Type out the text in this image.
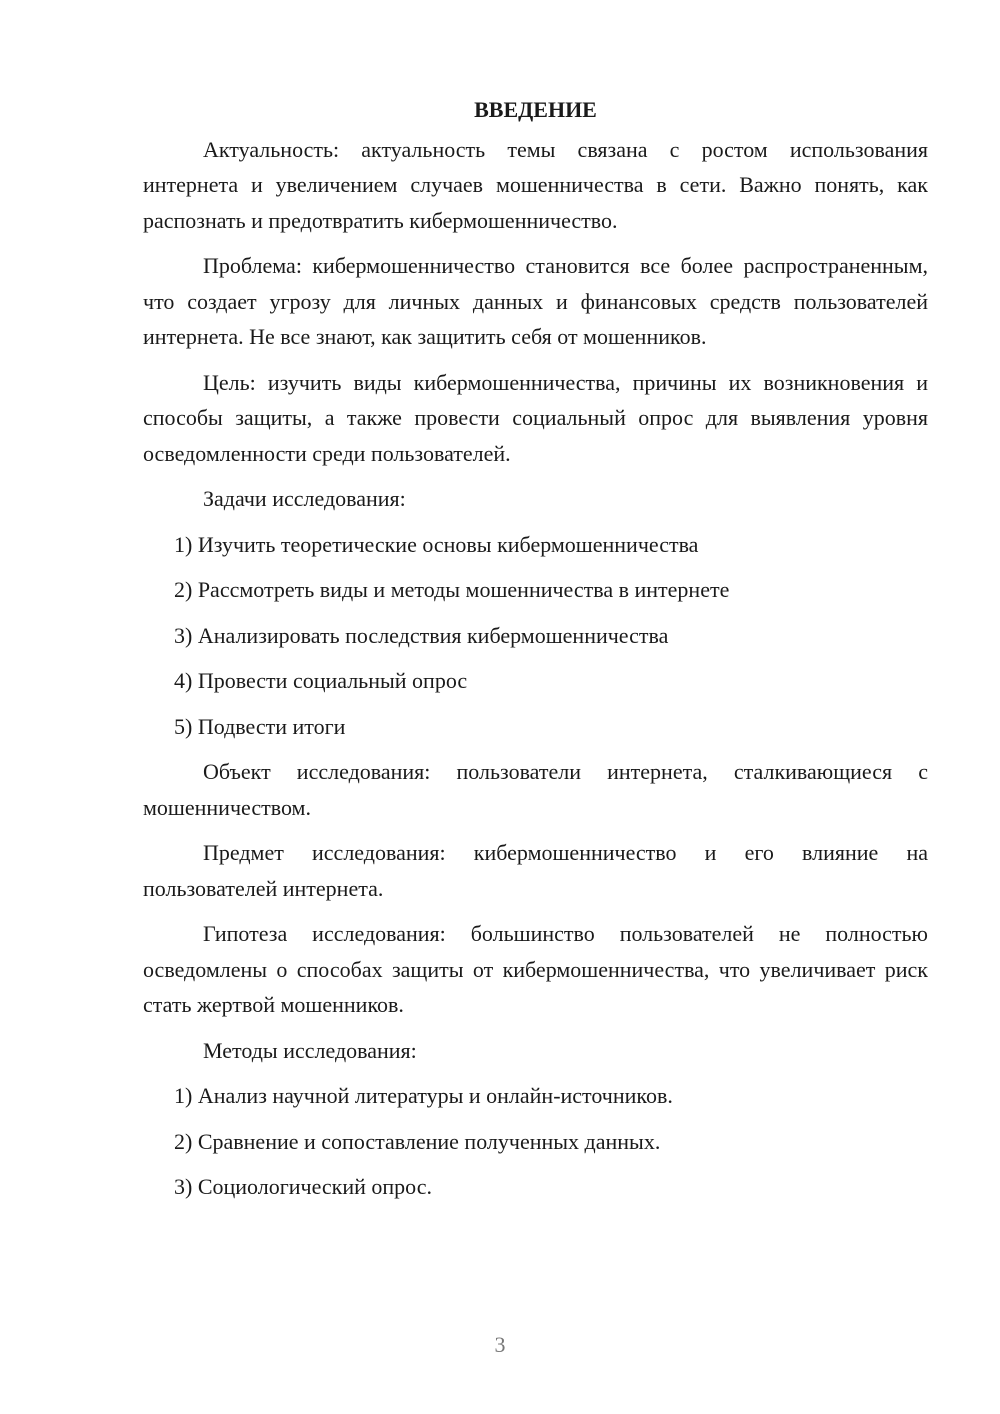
ВВЕДЕНИЕ

Актуальность: актуальность темы связана с ростом использования интернета и увеличением случаев мошенничества в сети. Важно понять, как распознать и предотвратить кибермошенничество.

Проблема: кибермошенничество становится все более распространенным, что создает угрозу для личных данных и финансовых средств пользователей интернета. Не все знают, как защитить себя от мошенников.

Цель: изучить виды кибермошенничества, причины их возникновения и способы защиты, а также провести социальный опрос для выявления уровня осведомленности среди пользователей.

Задачи исследования:

1) Изучить теоретические основы кибермошенничества

2) Рассмотреть виды и методы мошенничества в интернете

3) Анализировать последствия кибермошенничества

4) Провести социальный опрос

5) Подвести итоги

Объект исследования: пользователи интернета, сталкивающиеся с мошенничеством.

Предмет исследования: кибермошенничество и его влияние на пользователей интернета.

Гипотеза исследования: большинство пользователей не полностью осведомлены о способах защиты от кибермошенничества, что увеличивает риск стать жертвой мошенников.

Методы исследования:

1) Анализ научной литературы и онлайн-источников.

2) Сравнение и сопоставление полученных данных.

3) Социологический опрос.

3
